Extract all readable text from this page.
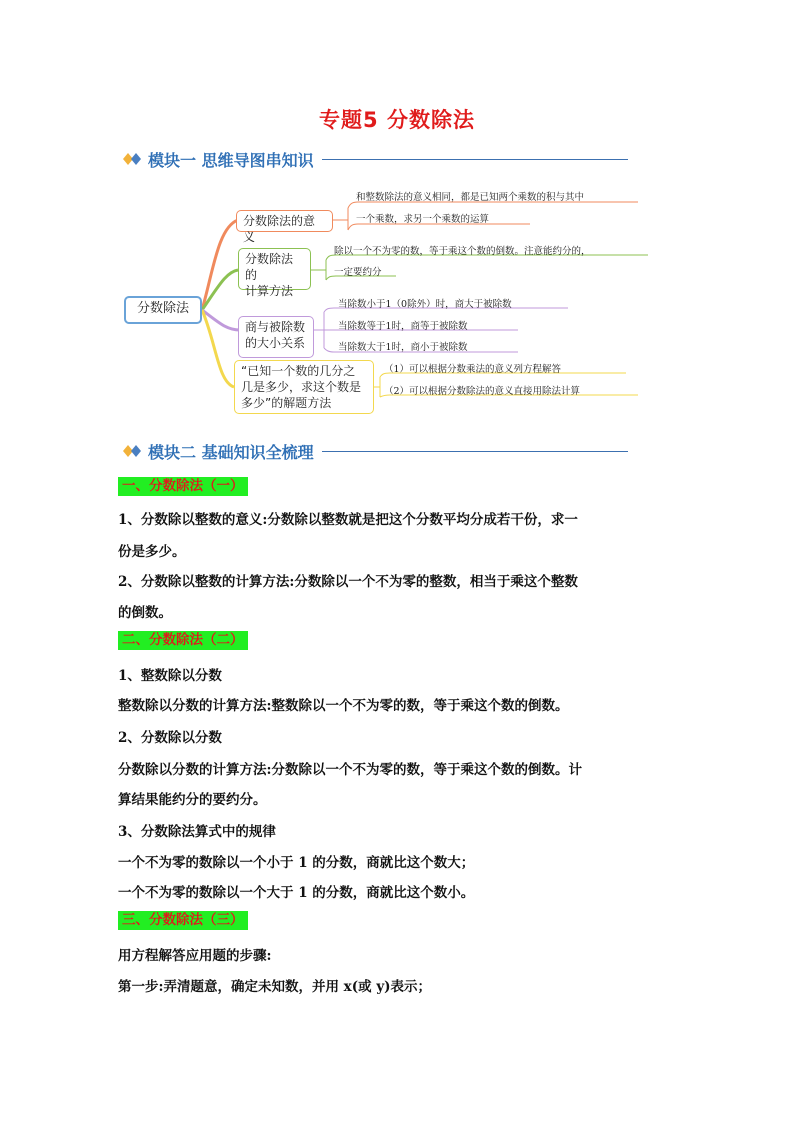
专题5 分数除法
模块一 思维导图串知识
分数除法
分数除法的意义
分数除法的
计算方法
商与被除数
的大小关系
“已知一个数的几分之
几是多少，求这个数是
多少”的解题方法
和整数除法的意义相同，都是已知两个乘数的积与其中
一个乘数，求另一个乘数的运算
除以一个不为零的数，等于乘这个数的倒数。注意能约分的，
一定要约分
当除数小于1（0除外）时，商大于被除数
当除数等于1时，商等于被除数
当除数大于1时，商小于被除数
（1）可以根据分数乘法的意义列方程解答
（2）可以根据分数除法的意义直接用除法计算
模块二 基础知识全梳理
一、分数除法（一）
1、分数除以整数的意义:分数除以整数就是把这个分数平均分成若干份，求一
份是多少。
2、分数除以整数的计算方法:分数除以一个不为零的整数，相当于乘这个整数
的倒数。
二、分数除法（二）
1、整数除以分数
整数除以分数的计算方法:整数除以一个不为零的数，等于乘这个数的倒数。
2、分数除以分数
分数除以分数的计算方法:分数除以一个不为零的数，等于乘这个数的倒数。计
算结果能约分的要约分。
3、分数除法算式中的规律
一个不为零的数除以一个小于 1 的分数，商就比这个数大；
一个不为零的数除以一个大于 1 的分数，商就比这个数小。
三、分数除法（三）
用方程解答应用题的步骤:
第一步:弄清题意，确定未知数，并用 x(或 y)表示；
